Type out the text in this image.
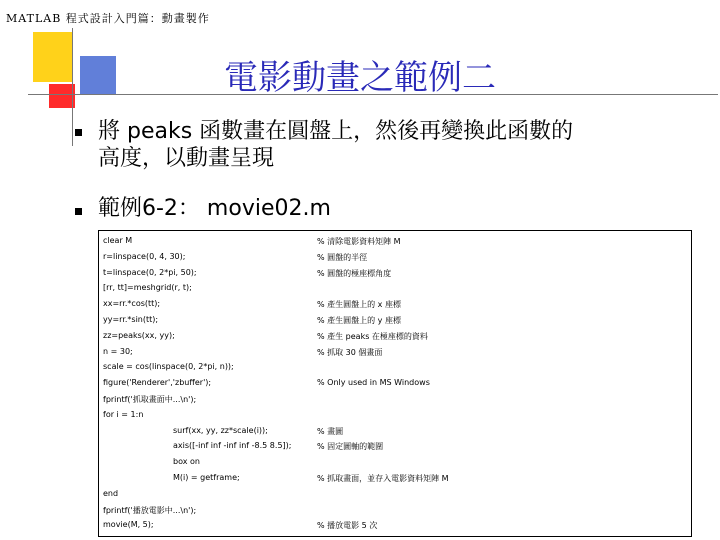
MATLAB 程式設計入門篇：動畫製作
電影動畫之範例二
將 peaks 函數畫在圓盤上，然後再變換此函數的
高度，以動畫呈現
範例6-2： movie02.m
clear M	% 清除電影資料矩陣 M
r=linspace(0, 4, 30);	% 圓盤的半徑
t=linspace(0, 2*pi, 50);	% 圓盤的極座標角度
[rr, tt]=meshgrid(r, t);
xx=rr.*cos(tt);	% 產生圓盤上的 x 座標
yy=rr.*sin(tt);	% 產生圓盤上的 y 座標
zz=peaks(xx, yy);	% 產生 peaks 在極座標的資料
n = 30;	% 抓取 30 個畫面
scale = cos(linspace(0, 2*pi, n));
figure('Renderer','zbuffer');	% Only used in MS Windows
fprintf('抓取畫面中...\n');
for i = 1:n
surf(xx, yy, zz*scale(i));	% 畫圖
axis([-inf inf -inf inf -8.5 8.5]);	% 固定圖軸的範圍
box on
M(i) = getframe;	% 抓取畫面，並存入電影資料矩陣 M
end
fprintf('播放電影中...\n');
movie(M, 5);	% 播放電影 5 次
